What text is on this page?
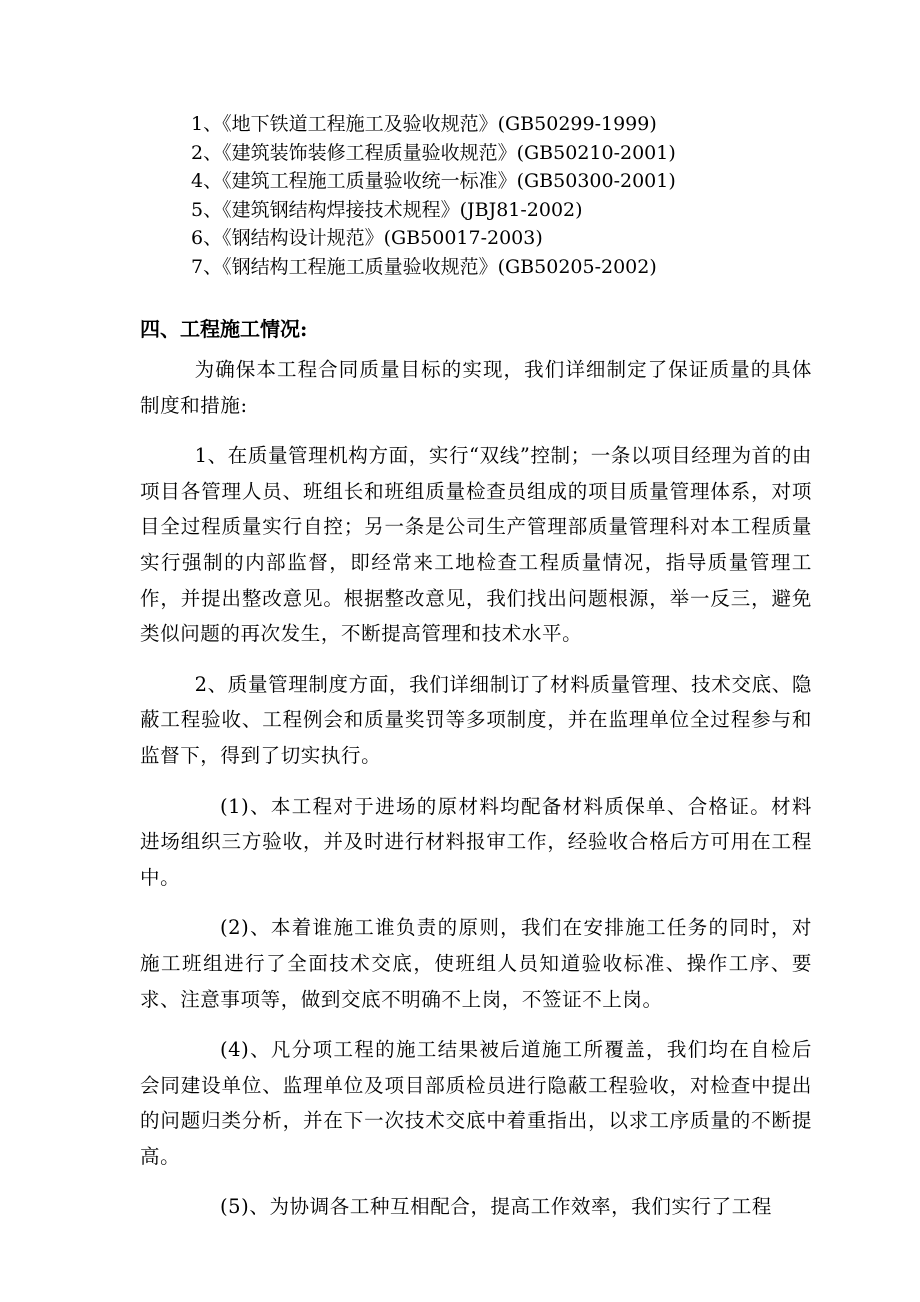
1、《地下铁道工程施工及验收规范》(GB50299-1999)
2、《建筑装饰装修工程质量验收规范》(GB50210-2001)
4、《建筑工程施工质量验收统一标准》(GB50300-2001)
5、《建筑钢结构焊接技术规程》(JBJ81-2002)
6、《钢结构设计规范》(GB50017-2003)
7、《钢结构工程施工质量验收规范》(GB50205-2002)
四、工程施工情况:

为确保本工程合同质量目标的实现，我们详细制定了保证质量的具体制度和措施:

1、在质量管理机构方面，实行“双线”控制；一条以项目经理为首的由项目各管理人员、班组长和班组质量检查员组成的项目质量管理体系，对项目全过程质量实行自控；另一条是公司生产管理部质量管理科对本工程质量实行强制的内部监督，即经常来工地检查工程质量情况，指导质量管理工作，并提出整改意见。根据整改意见，我们找出问题根源，举一反三，避免类似问题的再次发生，不断提高管理和技术水平。

2、质量管理制度方面，我们详细制订了材料质量管理、技术交底、隐蔽工程验收、工程例会和质量奖罚等多项制度，并在监理单位全过程参与和监督下，得到了切实执行。

(1)、本工程对于进场的原材料均配备材料质保单、合格证。材料进场组织三方验收，并及时进行材料报审工作，经验收合格后方可用在工程中。

(2)、本着谁施工谁负责的原则，我们在安排施工任务的同时，对施工班组进行了全面技术交底，使班组人员知道验收标准、操作工序、要求、注意事项等，做到交底不明确不上岗，不签证不上岗。

(4)、凡分项工程的施工结果被后道施工所覆盖，我们均在自检后会同建设单位、监理单位及项目部质检员进行隐蔽工程验收，对检查中提出的问题归类分析，并在下一次技术交底中着重指出，以求工序质量的不断提高。

(5)、为协调各工种互相配合，提高工作效率，我们实行了工程
